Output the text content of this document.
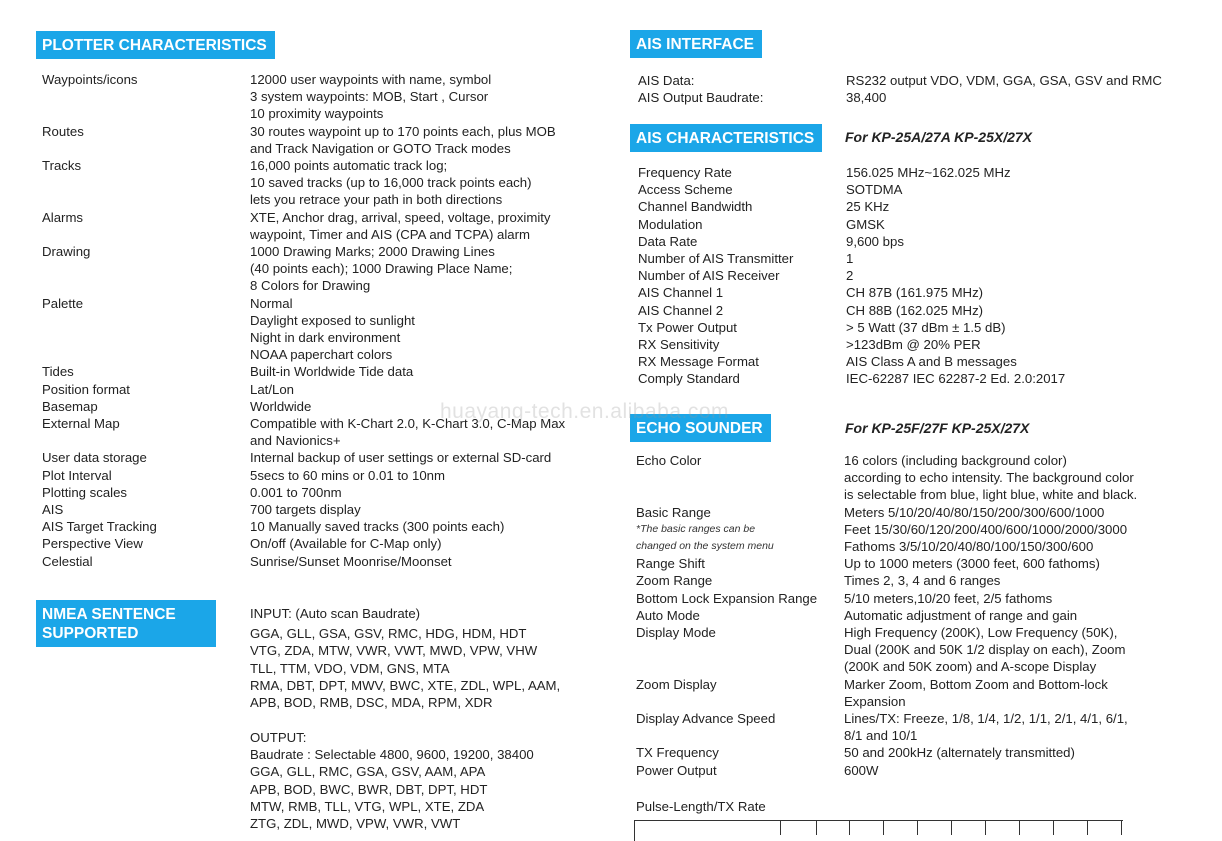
PLOTTER CHARACTERISTICS
Waypoints/icons	12000 user waypoints with name, symbol
3 system waypoints: MOB, Start , Cursor
10 proximity waypoints

Routes	30 routes waypoint up to 170 points each, plus MOB
and Track Navigation or GOTO Track modes

Tracks	16,000 points automatic track log;
10 saved tracks (up to 16,000 track points each)
lets you retrace your path in both directions

Alarms	XTE, Anchor drag, arrival, speed, voltage, proximity
waypoint, Timer and AIS (CPA and TCPA) alarm

Drawing	1000 Drawing Marks; 2000 Drawing Lines
(40 points each); 1000 Drawing Place Name;
8 Colors for Drawing

Palette	Normal
Daylight exposed to sunlight
Night in dark environment
NOAA paperchart colors

Tides	Built-in Worldwide Tide data

Position format	Lat/Lon

Basemap	Worldwide

External Map	Compatible with K-Chart 2.0, K-Chart 3.0, C-Map Max
and Navionics+

User data storage	Internal backup of user settings or external SD-card

Plot Interval	5secs to 60 mins or 0.01 to 10nm

Plotting scales	0.001 to 700nm

AIS	700 targets display

AIS Target Tracking	10 Manually saved tracks (300 points each)

Perspective View	On/off (Available for C-Map only)

Celestial	Sunrise/Sunset Moonrise/Moonset
NMEA SENTENCE
SUPPORTED
INPUT: (Auto scan Baudrate)
GGA, GLL, GSA, GSV, RMC, HDG, HDM, HDT
VTG, ZDA, MTW, VWR, VWT, MWD, VPW, VHW
TLL, TTM, VDO, VDM, GNS, MTA
RMA, DBT, DPT, MWV, BWC, XTE, ZDL, WPL, AAM,
APB, BOD, RMB, DSC, MDA, RPM, XDR
OUTPUT:
Baudrate : Selectable 4800, 9600, 19200, 38400
GGA, GLL, RMC, GSA, GSV, AAM, APA
APB, BOD, BWC, BWR, DBT, DPT, HDT
MTW, RMB, TLL, VTG, WPL, XTE, ZDA
ZTG, ZDL, MWD, VPW, VWR, VWT
AIS INTERFACE
AIS Data:	RS232 output VDO, VDM, GGA, GSA, GSV and RMC

AIS Output Baudrate:	38,400
AIS CHARACTERISTICS	For KP-25A/27A KP-25X/27X
Frequency Rate	156.025 MHz~162.025 MHz

Access Scheme	SOTDMA

Channel Bandwidth	25 KHz

Modulation	GMSK

Data Rate	9,600 bps

Number of AIS Transmitter	1

Number of AIS Receiver	2

AIS Channel 1	CH 87B (161.975 MHz)

AIS Channel 2	CH 88B (162.025 MHz)

Tx Power Output	> 5 Watt (37 dBm ± 1.5 dB)

RX Sensitivity	>123dBm @ 20% PER

RX Message Format	AIS Class A and B messages

Comply Standard	IEC-62287 IEC 62287-2 Ed. 2.0:2017
ECHO SOUNDER	For KP-25F/27F KP-25X/27X
Echo Color	16 colors (including background color)
according to echo intensity. The background color
is selectable from blue, light blue, white and black.

Basic Range
*The basic ranges can be
changed on the system menu	Meters 5/10/20/40/80/150/200/300/600/1000
Feet 15/30/60/120/200/400/600/1000/2000/3000
Fathoms 3/5/10/20/40/80/100/150/300/600

Range Shift	Up to 1000 meters (3000 feet, 600 fathoms)

Zoom Range	Times 2, 3, 4 and 6 ranges

Bottom Lock Expansion Range	5/10 meters,10/20 feet, 2/5 fathoms

Auto Mode	Automatic adjustment of range and gain

Display Mode	High Frequency (200K), Low Frequency (50K),
Dual (200K and 50K 1/2 display on each), Zoom
(200K and 50K zoom) and A-scope Display

Zoom Display	Marker Zoom, Bottom Zoom and Bottom-lock
Expansion

Display Advance Speed	Lines/TX: Freeze, 1/8, 1/4, 1/2, 1/1, 2/1, 4/1, 6/1,
8/1 and 10/1

TX Frequency	50 and 200kHz (alternately transmitted)

Power Output	600W
Pulse-Length/TX Rate
huayang-tech.en.alibaba.com
